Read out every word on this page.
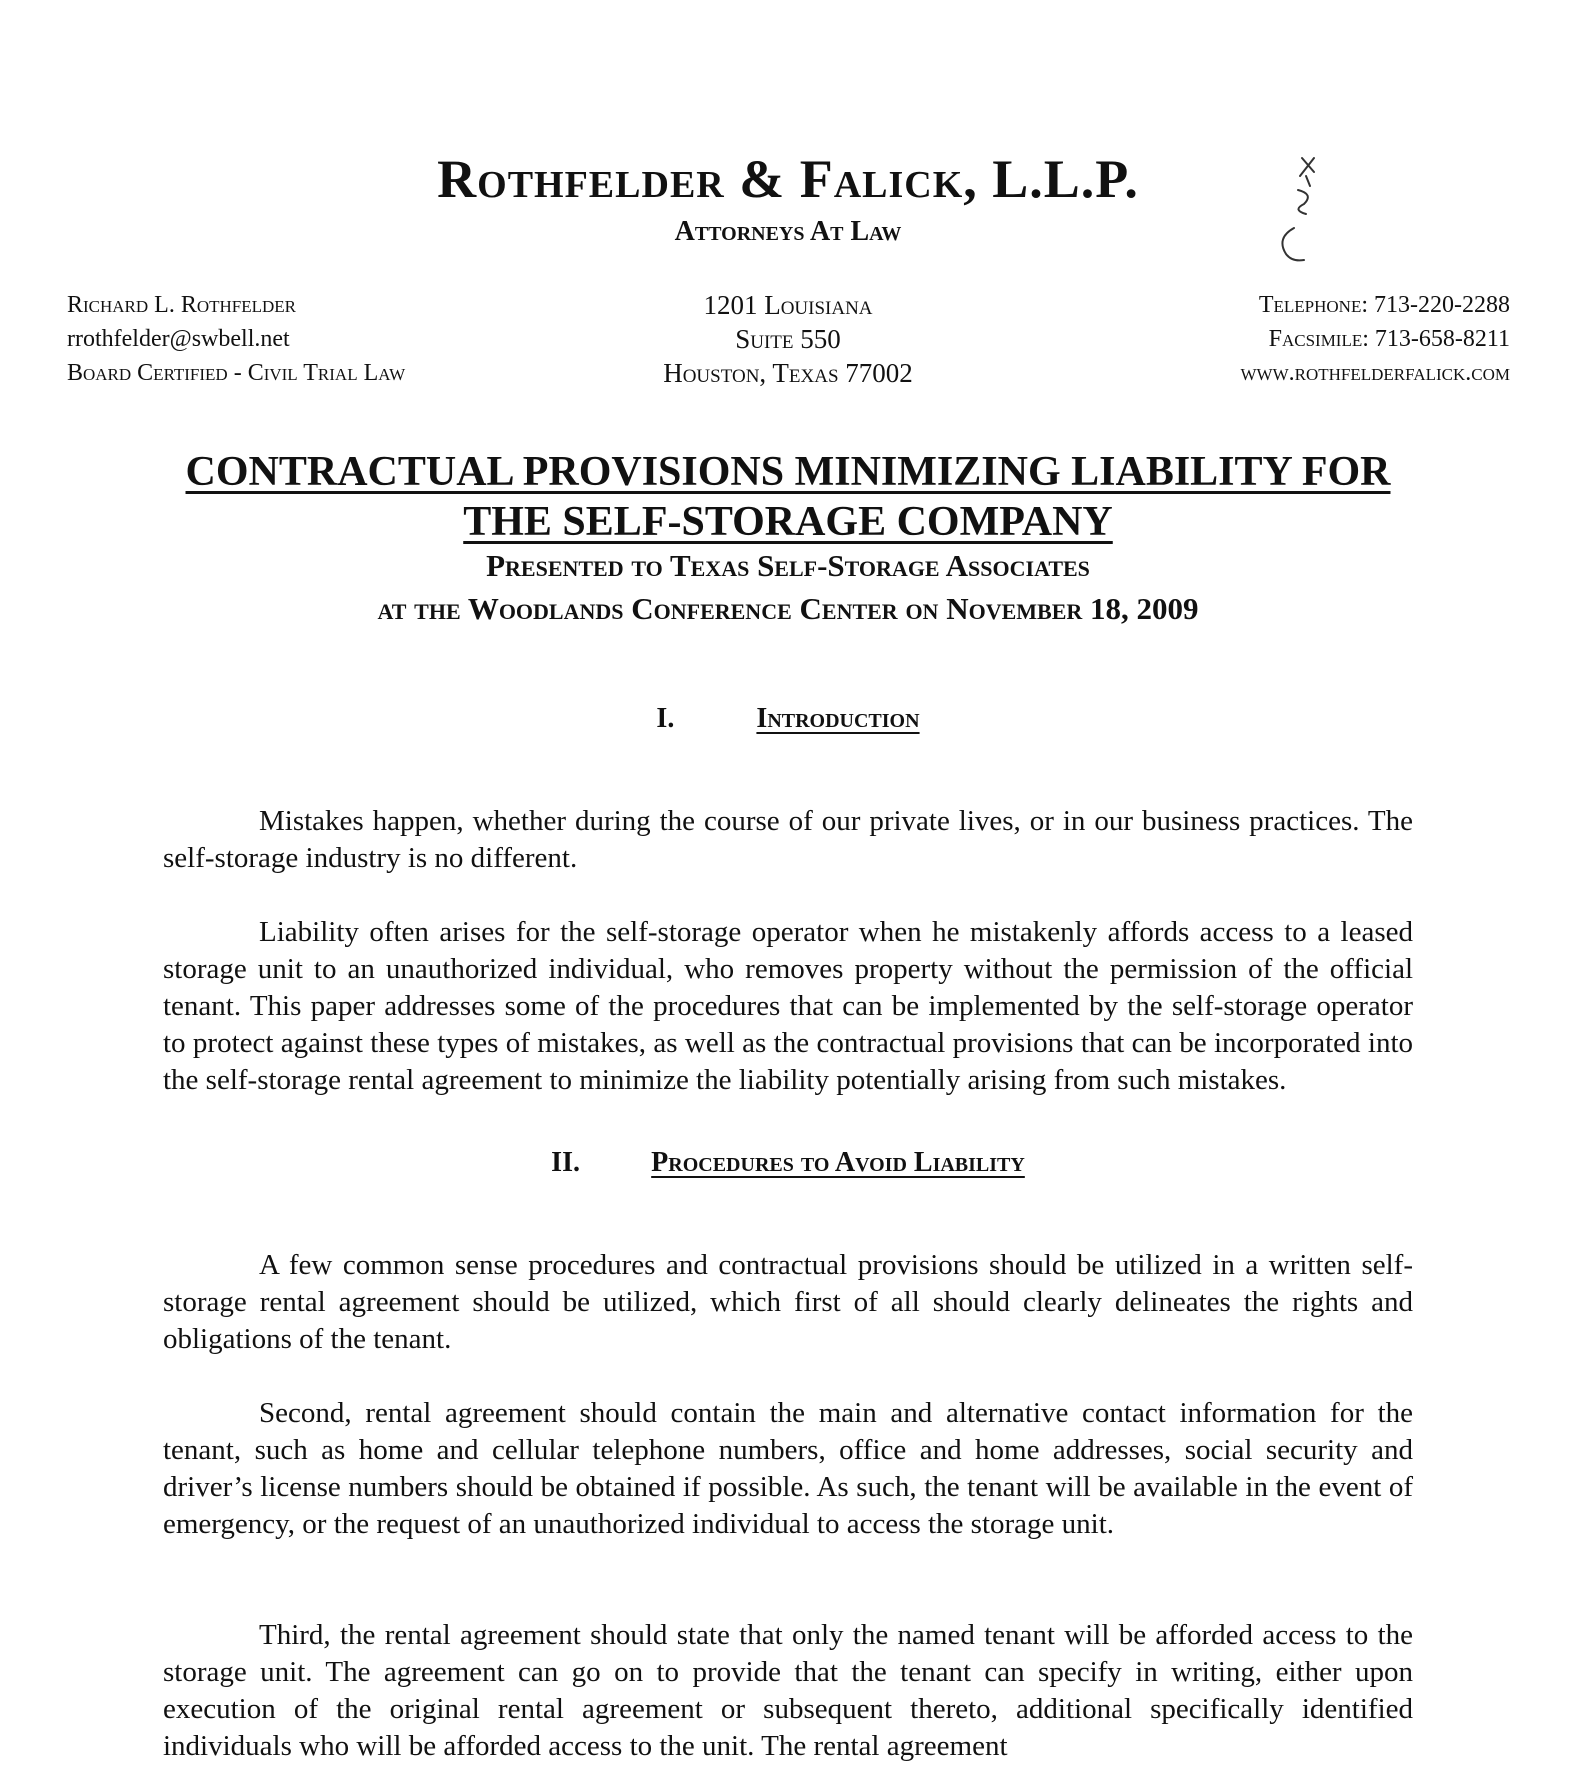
Rothfelder & Falick, L.L.P.
Attorneys At Law
Richard L. Rothfelder
rrothfelder@swbell.net
Board Certified - Civil Trial Law
1201 Louisiana
Suite 550
Houston, Texas 77002
Telephone: 713-220-2288
Facsimile: 713-658-8211
www.rothfelderfalick.com
CONTRACTUAL PROVISIONS MINIMIZING LIABILITY FOR
THE SELF-STORAGE COMPANY
Presented to Texas Self-Storage Associates
at the Woodlands Conference Center on November 18, 2009
I.	Introduction

Mistakes happen, whether during the course of our private lives, or in our business practices. The self-storage industry is no different.

Liability often arises for the self-storage operator when he mistakenly affords access to a leased storage unit to an unauthorized individual, who removes property without the permission of the official tenant. This paper addresses some of the procedures that can be implemented by the self-storage operator to protect against these types of mistakes, as well as the contractual provisions that can be incorporated into the self-storage rental agreement to minimize the liability potentially arising from such mistakes.

II.	Procedures to Avoid Liability

A few common sense procedures and contractual provisions should be utilized in a written self-storage rental agreement should be utilized, which first of all should clearly delineates the rights and obligations of the tenant.

Second, rental agreement should contain the main and alternative contact information for the tenant, such as home and cellular telephone numbers, office and home addresses, social security and driver’s license numbers should be obtained if possible. As such, the tenant will be available in the event of emergency, or the request of an unauthorized individual to access the storage unit.

Third, the rental agreement should state that only the named tenant will be afforded access to the storage unit. The agreement can go on to provide that the tenant can specify in writing, either upon execution of the original rental agreement or subsequent thereto, additional specifically identified individuals who will be afforded access to the unit. The rental agreement
